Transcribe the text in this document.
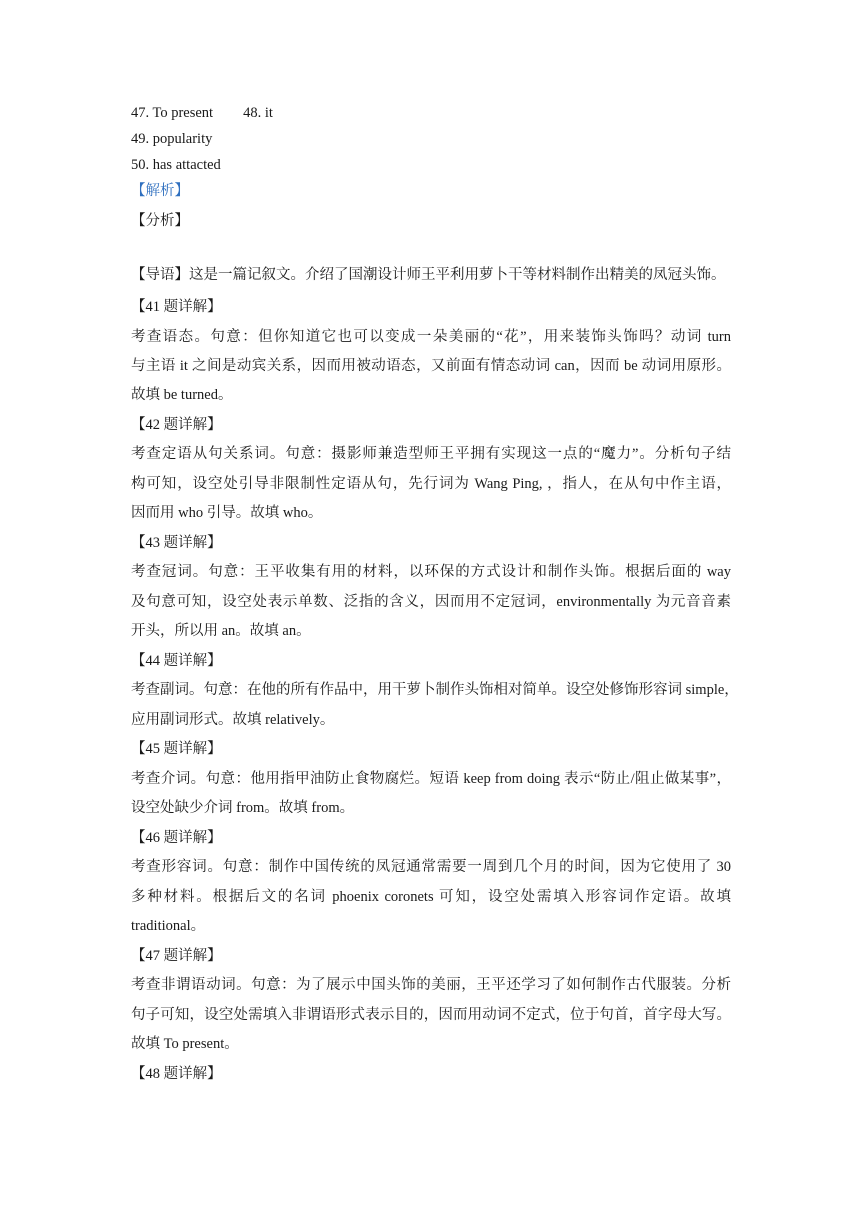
47. To present 48. it
49. popularity
50. has attacted
【解析】
【分析】
【导语】这是一篇记叙文。介绍了国潮设计师王平利用萝卜干等材料制作出精美的凤冠头饰。
【41 题详解】
考查语态。句意：但你知道它也可以变成一朵美丽的“花”，用来装饰头饰吗？动词 turn
与主语 it 之间是动宾关系，因而用被动语态，又前面有情态动词 can，因而 be 动词用原形。
故填 be turned。
【42 题详解】
考查定语从句关系词。句意：摄影师兼造型师王平拥有实现这一点的“魔力”。分析句子结
构可知，设空处引导非限制性定语从句，先行词为 Wang Ping, ，指人，在从句中作主语，
因而用 who 引导。故填 who。
【43 题详解】
考查冠词。句意：王平收集有用的材料，以环保的方式设计和制作头饰。根据后面的 way
及句意可知，设空处表示单数、泛指的含义，因而用不定冠词，environmentally 为元音音素
开头，所以用 an。故填 an。
【44 题详解】
考查副词。句意：在他的所有作品中，用干萝卜制作头饰相对简单。设空处修饰形容词 simple，
应用副词形式。故填 relatively。
【45 题详解】
考查介词。句意：他用指甲油防止食物腐烂。短语 keep from doing 表示“防止/阻止做某事”，
设空处缺少介词 from。故填 from。
【46 题详解】
考查形容词。句意：制作中国传统的凤冠通常需要一周到几个月的时间，因为它使用了 30
多种材料。根据后文的名词 phoenix coronets 可知，设空处需填入形容词作定语。故填
traditional。
【47 题详解】
考查非谓语动词。句意：为了展示中国头饰的美丽，王平还学习了如何制作古代服装。分析
句子可知，设空处需填入非谓语形式表示目的，因而用动词不定式，位于句首，首字母大写。
故填 To present。
【48 题详解】
